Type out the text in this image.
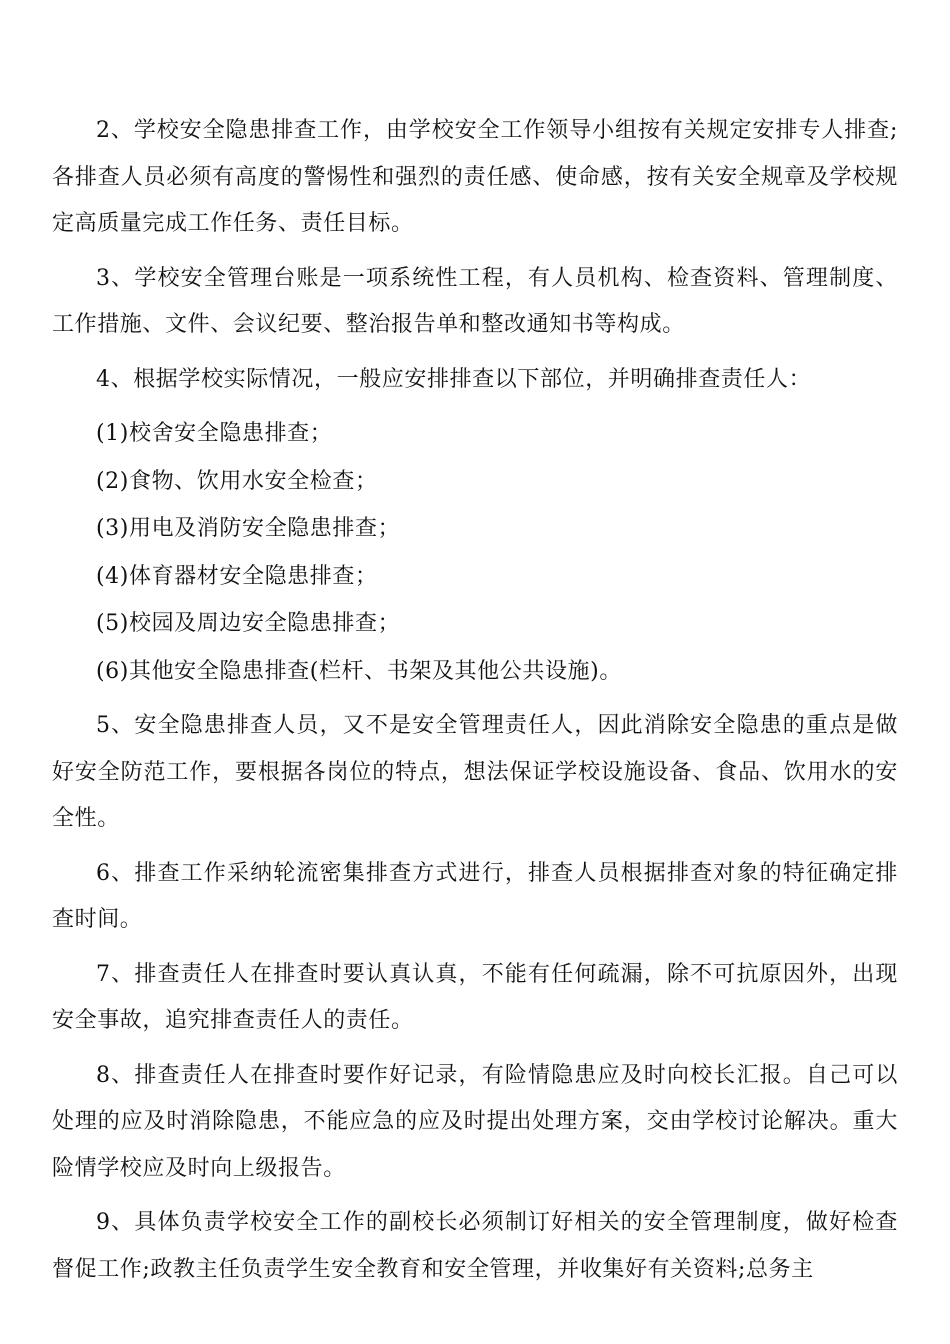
2、学校安全隐患排查工作，由学校安全工作领导小组按有关规定安排专人排查;各排查人员必须有高度的警惕性和强烈的责任感、使命感，按有关安全规章及学校规定高质量完成工作任务、责任目标。

3、学校安全管理台账是一项系统性工程，有人员机构、检查资料、管理制度、工作措施、文件、会议纪要、整治报告单和整改通知书等构成。

4、根据学校实际情况，一般应安排排查以下部位，并明确排查责任人：

(1)校舍安全隐患排查；

(2)食物、饮用水安全检查；

(3)用电及消防安全隐患排查；

(4)体育器材安全隐患排查；

(5)校园及周边安全隐患排查；

(6)其他安全隐患排查(栏杆、书架及其他公共设施)。

5、安全隐患排查人员，又不是安全管理责任人，因此消除安全隐患的重点是做好安全防范工作，要根据各岗位的特点，想法保证学校设施设备、食品、饮用水的安全性。

6、排查工作采纳轮流密集排查方式进行，排查人员根据排查对象的特征确定排查时间。

7、排查责任人在排查时要认真认真，不能有任何疏漏，除不可抗原因外，出现安全事故，追究排查责任人的责任。

8、排查责任人在排查时要作好记录，有险情隐患应及时向校长汇报。自己可以处理的应及时消除隐患，不能应急的应及时提出处理方案，交由学校讨论解决。重大险情学校应及时向上级报告。

9、具体负责学校安全工作的副校长必须制订好相关的安全管理制度，做好检查督促工作;政教主任负责学生安全教育和安全管理，并收集好有关资料;总务主
